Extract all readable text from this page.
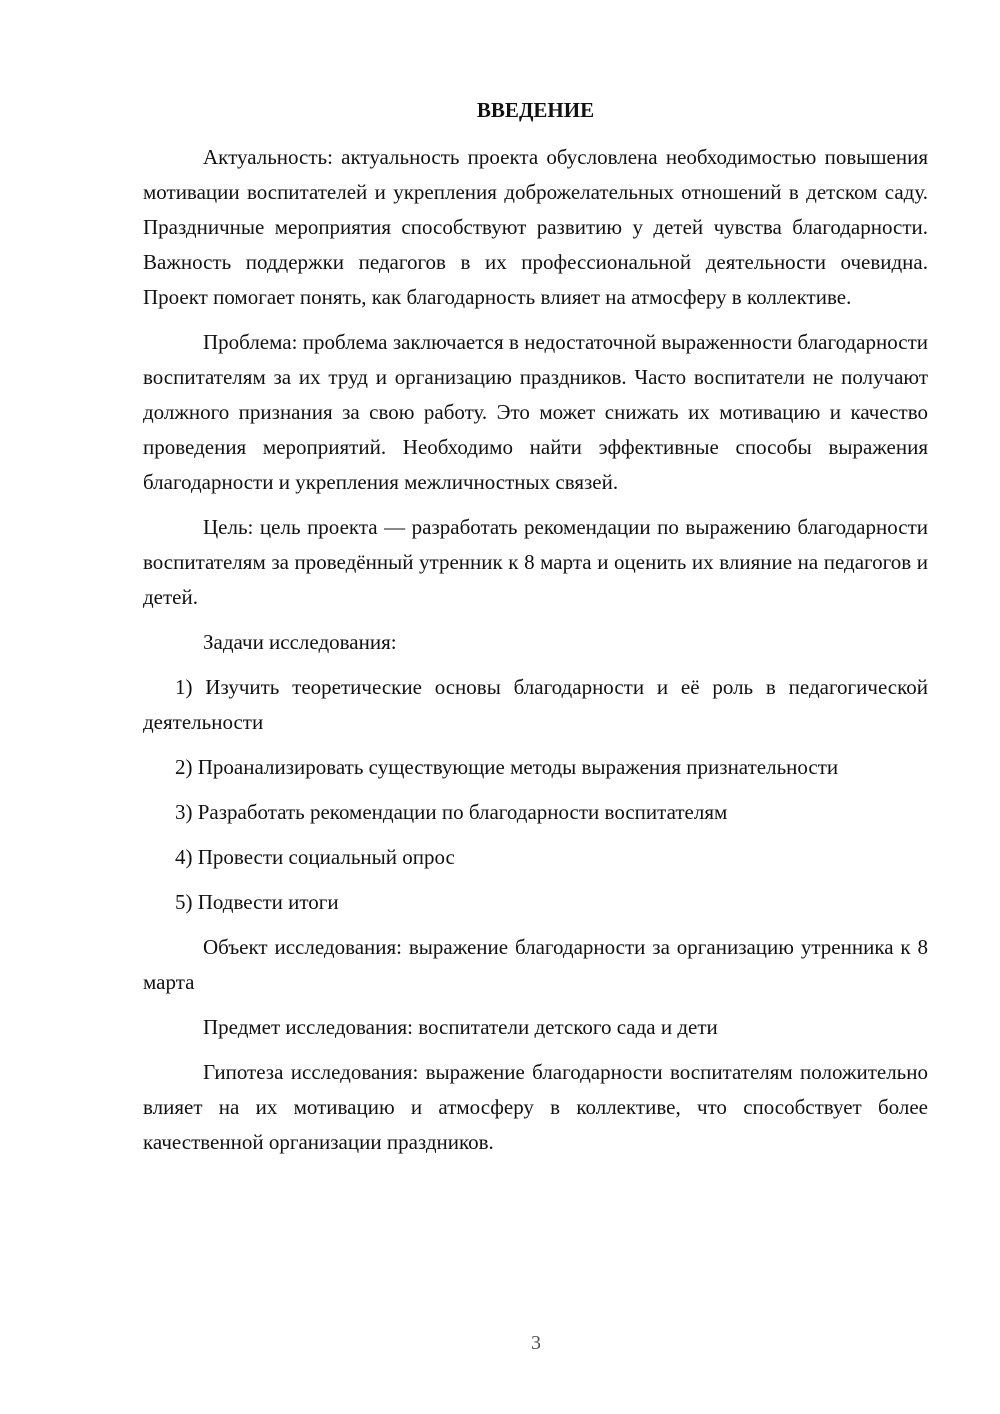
ВВЕДЕНИЕ

Актуальность: актуальность проекта обусловлена необходимостью повышения мотивации воспитателей и укрепления доброжелательных отношений в детском саду. Праздничные мероприятия способствуют развитию у детей чувства благодарности. Важность поддержки педагогов в их профессиональной деятельности очевидна. Проект помогает понять, как благодарность влияет на атмосферу в коллективе.

Проблема: проблема заключается в недостаточной выраженности благодарности воспитателям за их труд и организацию праздников. Часто воспитатели не получают должного признания за свою работу. Это может снижать их мотивацию и качество проведения мероприятий. Необходимо найти эффективные способы выражения благодарности и укрепления межличностных связей.

Цель: цель проекта — разработать рекомендации по выражению благодарности воспитателям за проведённый утренник к 8 марта и оценить их влияние на педагогов и детей.

Задачи исследования:

1) Изучить теоретические основы благодарности и её роль в педагогической деятельности

2) Проанализировать существующие методы выражения признательности

3) Разработать рекомендации по благодарности воспитателям

4) Провести социальный опрос

5) Подвести итоги

Объект исследования: выражение благодарности за организацию утренника к 8 марта

Предмет исследования: воспитатели детского сада и дети

Гипотеза исследования: выражение благодарности воспитателям положительно влияет на их мотивацию и атмосферу в коллективе, что способствует более качественной организации праздников.

3
